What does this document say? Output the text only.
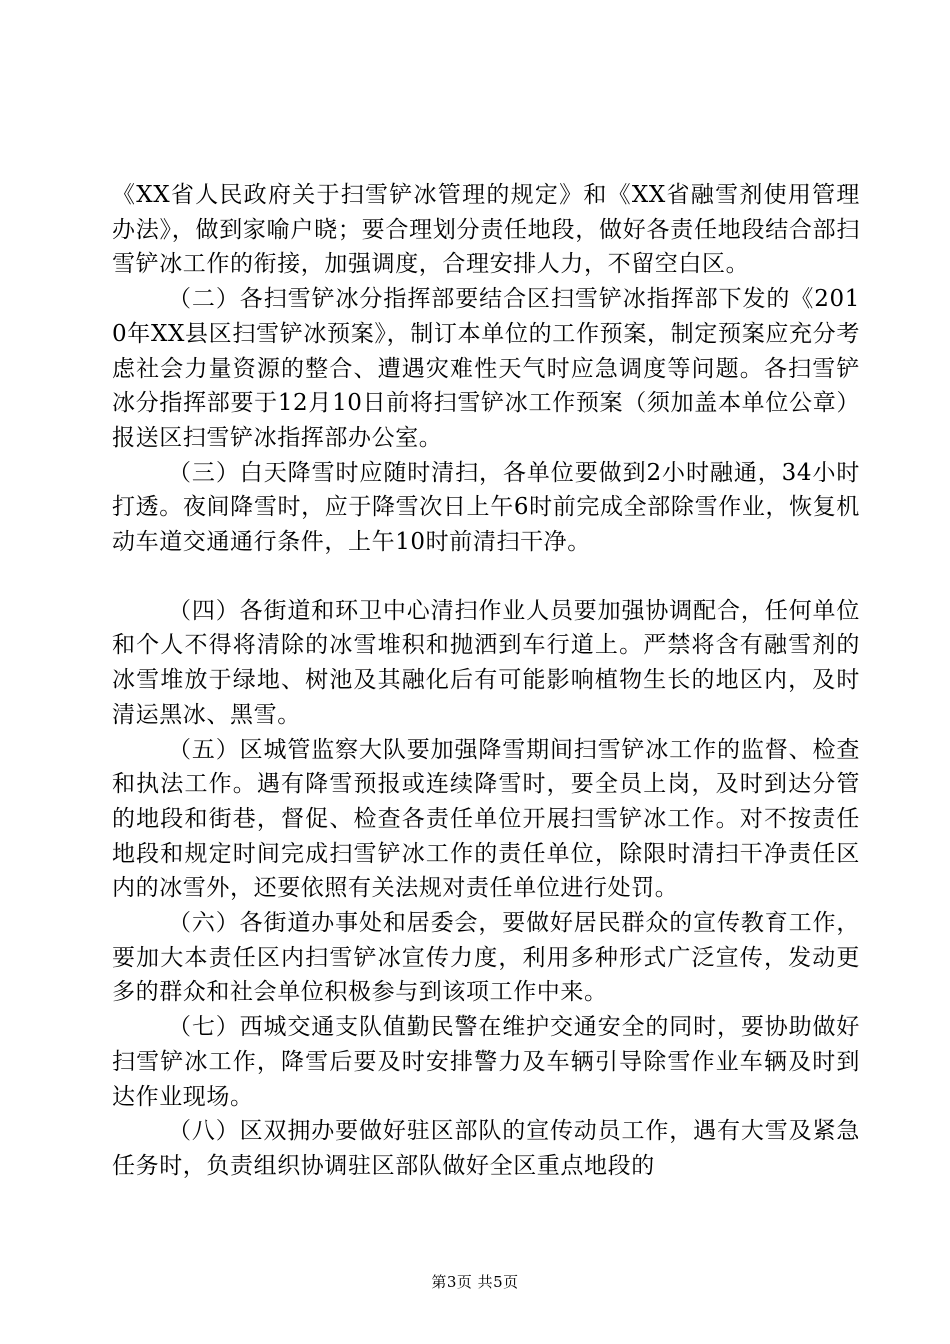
《XX省人民政府关于扫雪铲冰管理的规定》和《XX省融雪剂使用管理办法》，做到家喻户晓；要合理划分责任地段，做好各责任地段结合部扫雪铲冰工作的衔接，加强调度，合理安排人力，不留空白区。

（二）各扫雪铲冰分指挥部要结合区扫雪铲冰指挥部下发的《2010年XX县区扫雪铲冰预案》，制订本单位的工作预案，制定预案应充分考虑社会力量资源的整合、遭遇灾难性天气时应急调度等问题。各扫雪铲冰分指挥部要于12月10日前将扫雪铲冰工作预案（须加盖本单位公章）报送区扫雪铲冰指挥部办公室。

（三）白天降雪时应随时清扫，各单位要做到2小时融通，34小时打透。夜间降雪时，应于降雪次日上午6时前完成全部除雪作业，恢复机动车道交通通行条件，上午10时前清扫干净。

（四）各街道和环卫中心清扫作业人员要加强协调配合，任何单位和个人不得将清除的冰雪堆积和抛洒到车行道上。严禁将含有融雪剂的冰雪堆放于绿地、树池及其融化后有可能影响植物生长的地区内，及时清运黑冰、黑雪。

（五）区城管监察大队要加强降雪期间扫雪铲冰工作的监督、检查和执法工作。遇有降雪预报或连续降雪时，要全员上岗，及时到达分管的地段和街巷，督促、检查各责任单位开展扫雪铲冰工作。对不按责任地段和规定时间完成扫雪铲冰工作的责任单位，除限时清扫干净责任区内的冰雪外，还要依照有关法规对责任单位进行处罚。

（六）各街道办事处和居委会，要做好居民群众的宣传教育工作，要加大本责任区内扫雪铲冰宣传力度，利用多种形式广泛宣传，发动更多的群众和社会单位积极参与到该项工作中来。

（七）西城交通支队值勤民警在维护交通安全的同时，要协助做好扫雪铲冰工作，降雪后要及时安排警力及车辆引导除雪作业车辆及时到达作业现场。

（八）区双拥办要做好驻区部队的宣传动员工作，遇有大雪及紧急任务时，负责组织协调驻区部队做好全区重点地段的

第3页 共5页
